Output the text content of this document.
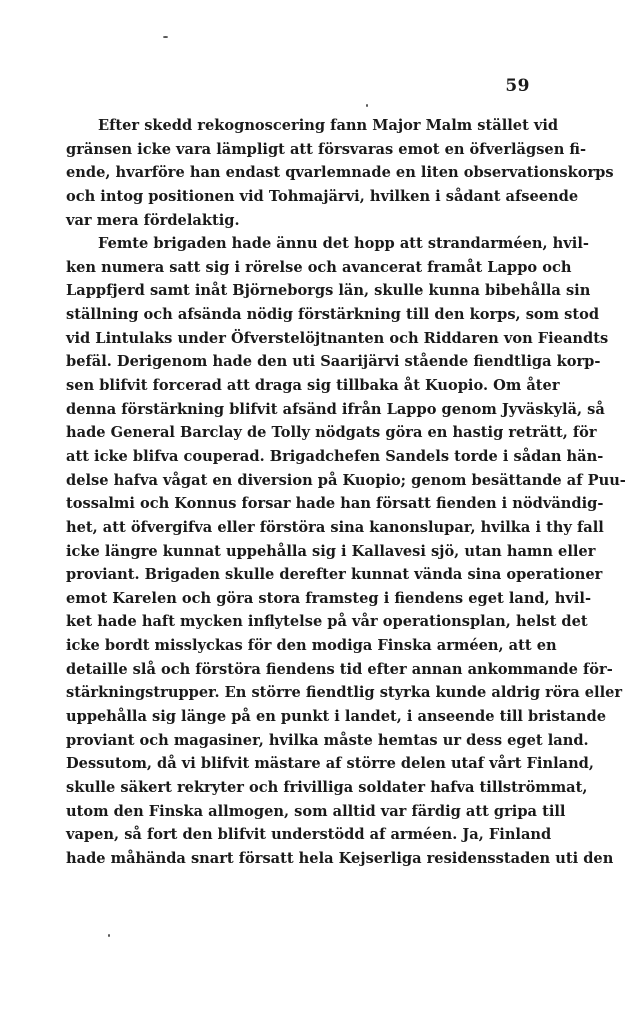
59
Efter skedd rekognoscering fann Major Malm stället vid
gränsen icke vara lämpligt att försvaras emot en öfverlägsen fi-
ende, hvarföre han endast qvarlemnade en liten observationskorps
och intog positionen vid Tohmajärvi, hvilken i sådant afseende
var mera fördelaktig.
Femte brigaden hade ännu det hopp att strandarméen, hvil-
ken numera satt sig i rörelse och avancerat framåt Lappo och
Lappfjerd samt inåt Björneborgs län, skulle kunna bibehålla sin
ställning och afsända nödig förstärkning till den korps, som stod
vid Lintulaks under Öfverstelöjtnanten och Riddaren von Fieandts
befäl. Derigenom hade den uti Saarijärvi stående fiendtliga korp-
sen blifvit forcerad att draga sig tillbaka åt Kuopio. Om åter
denna förstärkning blifvit afsänd ifrån Lappo genom Jyväskylä, så
hade General Barclay de Tolly nödgats göra en hastig reträtt, för
att icke blifva couperad. Brigadchefen Sandels torde i sådan hän-
delse hafva vågat en diversion på Kuopio; genom besättande af Puu-
tossalmi och Konnus forsar hade han försatt fienden i nödvändig-
het, att öfvergifva eller förstöra sina kanonslupar, hvilka i thy fall
icke längre kunnat uppehålla sig i Kallavesi sjö, utan hamn eller
proviant. Brigaden skulle derefter kunnat vända sina operationer
emot Karelen och göra stora framsteg i fiendens eget land, hvil-
ket hade haft mycken inflytelse på vår operationsplan, helst det
icke bordt misslyckas för den modiga Finska arméen, att en
detaille slå och förstöra fiendens tid efter annan ankommande för-
stärkningstrupper. En större fiendtlig styrka kunde aldrig röra eller
uppehålla sig länge på en punkt i landet, i anseende till bristande
proviant och magasiner, hvilka måste hemtas ur dess eget land.
Dessutom, då vi blifvit mästare af större delen utaf vårt Finland,
skulle säkert rekryter och frivilliga soldater hafva tillströmmat,
utom den Finska allmogen, som alltid var färdig att gripa till
vapen, så fort den blifvit understödd af arméen. Ja, Finland
hade måhända snart försatt hela Kejserliga residensstaden uti den
